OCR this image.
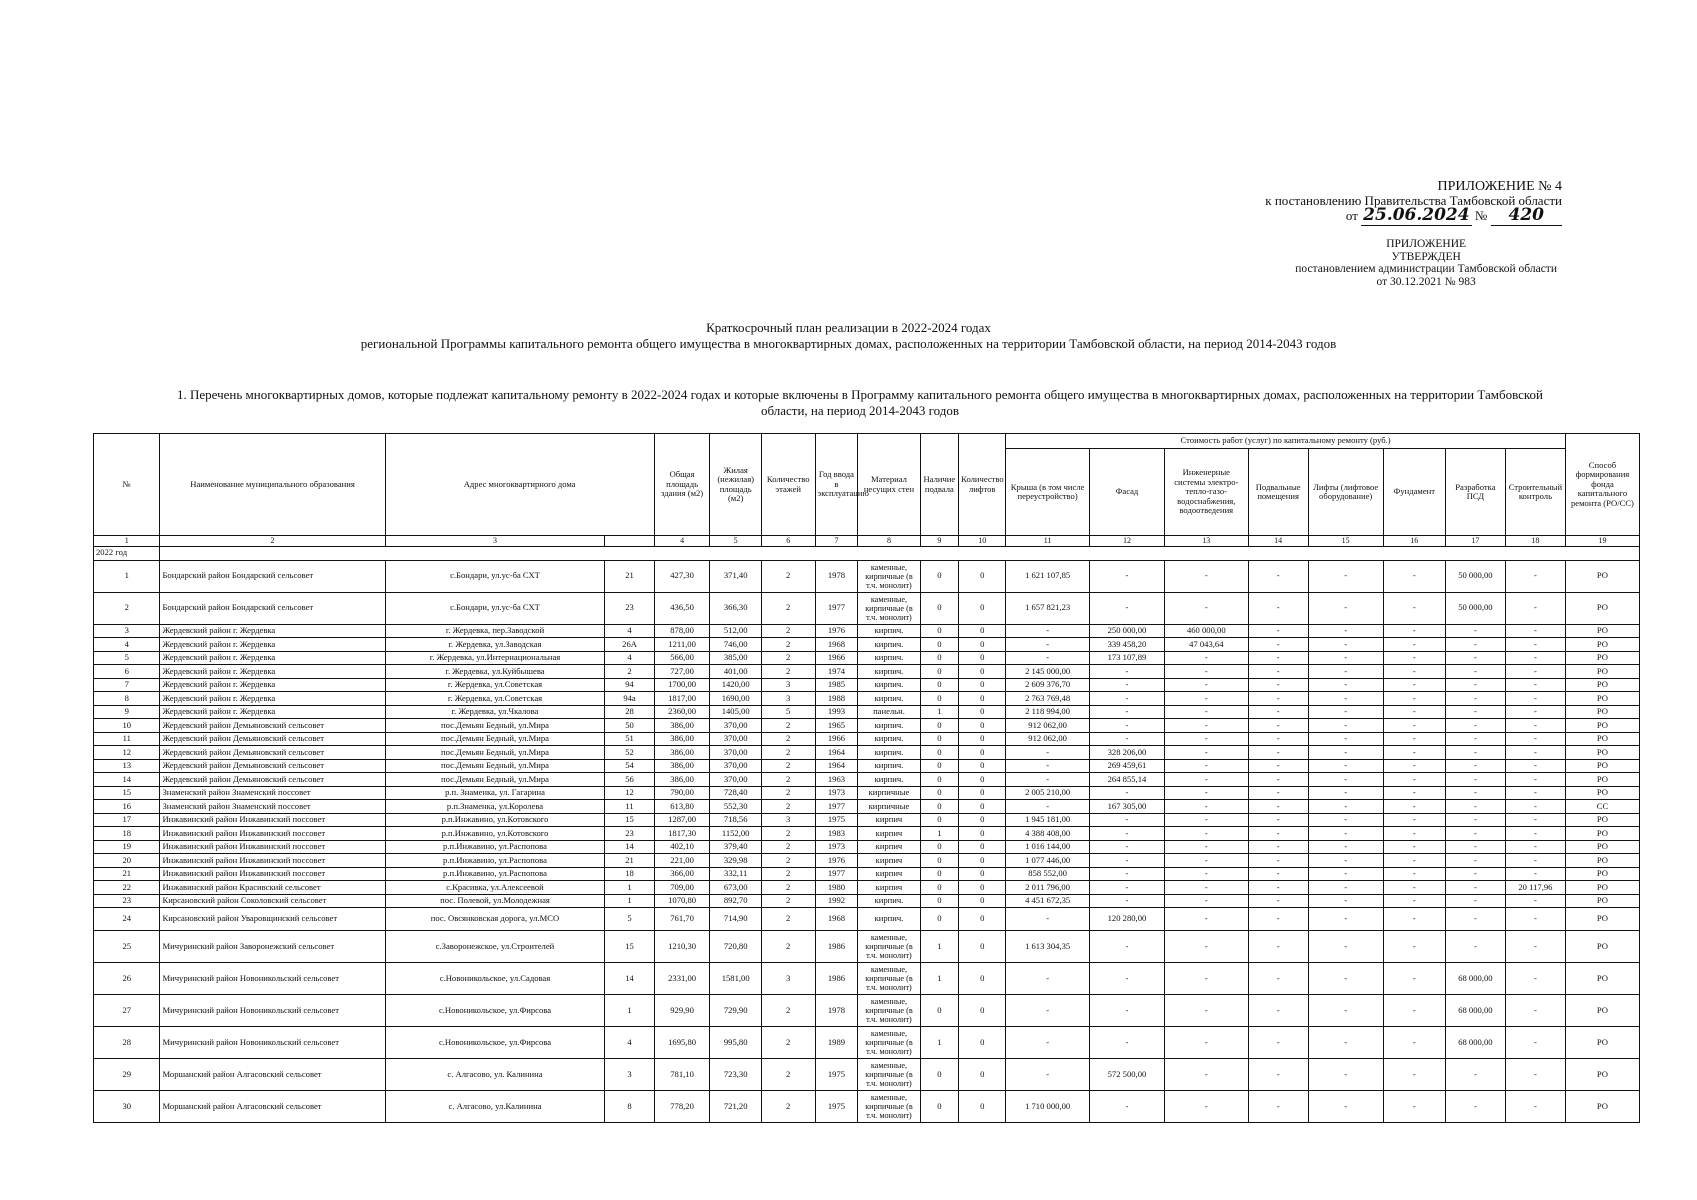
ПРИЛОЖЕНИЕ № 4
к постановлению Правительства Тамбовской области
от 25.06.2024 № 420
ПРИЛОЖЕНИЕ
УТВЕРЖДЕН
постановлением администрации Тамбовской области
от 30.12.2021 № 983
Краткосрочный план реализации в 2022-2024 годах
региональной Программы капитального ремонта общего имущества в многоквартирных домах, расположенных на территории Тамбовской области, на период 2014-2043 годов
1. Перечень многоквартирных домов, которые подлежат капитальному ремонту в 2022-2024 годах и которые включены в Программу капитального ремонта общего имущества в многоквартирных домах, расположенных на территории Тамбовской
области, на период 2014-2043 годов
№	Наименование муниципального образования	Адрес многоквартирного дома		Общая площадь здания (м2)	Жилая (нежилая) площадь (м2)	Количество этажей	Год ввода в эксплуатацию	Материал несущих стен	Наличие подвала	Количество лифтов	Стоимость работ (услуг) по капитальному ремонту (руб.)								Способ формирования фонда капитального ремонта (РО/СС)
											Крыша (в том числе переустройство)	Фасад	Инженерные системы электро-тепло-газо-водоснабжения, водоотведения	Подвальные помещения	Лифты (лифтовое оборудование)	Фундамент	Разработка ПСД	Строительный контроль	
1	2	3		4	5	6	7	8	9	10	11	12	13	14	15	16	17	18	19
2022 год																			
1	Бондарский район Бондарский сельсовет	с.Бондари, ул.ус-ба СХТ	21	427,30	371,40	2	1978	каменные, кирпичные (в т.ч. монолит)	0	0	1 621 107,85	-	-	-	-	-	50 000,00	-	РО
2	Бондарский район Бондарский сельсовет	с.Бондари, ул.ус-ба СХТ	23	436,50	366,30	2	1977	каменные, кирпичные (в т.ч. монолит)	0	0	1 657 821,23	-	-	-	-	-	50 000,00	-	РО
3	Жердевский район г. Жердевка	г. Жердевка, пер.Заводской	4	878,00	512,00	2	1976	кирпич.	0	0	-	250 000,00	460 000,00	-	-	-	-	-	РО
4	Жердевский район г. Жердевка	г. Жердевка, ул.Заводская	26А	1211,00	746,00	2	1968	кирпич.	0	0	-	339 458,20	47 043,64	-	-	-	-	-	РО
5	Жердевский район г. Жердевка	г. Жердевка, ул.Интернациональная	4	566,00	385,00	2	1966	кирпич.	0	0	-	173 107,89	-	-	-	-	-	-	РО
6	Жердевский район г. Жердевка	г. Жердевка, ул.Куйбышева	2	727,00	401,00	2	1974	кирпич.	0	0	2 145 000,00	-	-	-	-	-	-	-	РО
7	Жердевский район г. Жердевка	г. Жердевка, ул.Советская	94	1700,00	1420,00	3	1985	кирпич.	0	0	2 609 376,70	-	-	-	-	-	-	-	РО
8	Жердевский район г. Жердевка	г. Жердевка, ул.Советская	94а	1817,00	1690,00	3	1988	кирпич.	0	0	2 763 769,48	-	-	-	-	-	-	-	РО
9	Жердевский район г. Жердевка	г. Жердевка, ул.Чкалова	28	2360,00	1405,00	5	1993	панельн.	1	0	2 118 994,00	-	-	-	-	-	-	-	РО
10	Жердевский район Демьяновский сельсовет	пос.Демьян Бедный, ул.Мира	50	386,00	370,00	2	1965	кирпич.	0	0	912 062,00	-	-	-	-	-	-	-	РО
11	Жердевский район Демьяновский сельсовет	пос.Демьян Бедный, ул.Мира	51	386,00	370,00	2	1966	кирпич.	0	0	912 062,00	-	-	-	-	-	-	-	РО
12	Жердевский район Демьяновский сельсовет	пос.Демьян Бедный, ул.Мира	52	386,00	370,00	2	1964	кирпич.	0	0	-	328 206,00	-	-	-	-	-	-	РО
13	Жердевский район Демьяновский сельсовет	пос.Демьян Бедный, ул.Мира	54	386,00	370,00	2	1964	кирпич.	0	0	-	269 459,61	-	-	-	-	-	-	РО
14	Жердевский район Демьяновский сельсовет	пос.Демьян Бедный, ул.Мира	56	386,00	370,00	2	1963	кирпич.	0	0	-	264 855,14	-	-	-	-	-	-	РО
15	Знаменский район Знаменский поссовет	р.п. Знаменка, ул. Гагарина	12	790,00	728,40	2	1973	кирпичные	0	0	2 005 210,00	-	-	-	-	-	-	-	РО
16	Знаменский район Знаменский поссовет	р.п.Знаменка, ул.Королева	11	613,80	552,30	2	1977	кирпичные	0	0	-	167 305,00	-	-	-	-	-	-	СС
17	Инжавинский район Инжавинский поссовет	р.п.Инжавино, ул.Котовского	15	1287,00	718,56	3	1975	кирпич	0	0	1 945 181,00	-	-	-	-	-	-	-	РО
18	Инжавинский район Инжавинский поссовет	р.п.Инжавино, ул.Котовского	23	1817,30	1152,00	2	1983	кирпич	1	0	4 388 408,00	-	-	-	-	-	-	-	РО
19	Инжавинский район Инжавинский поссовет	р.п.Инжавино, ул.Распопова	14	402,10	379,40	2	1973	кирпич	0	0	1 016 144,00	-	-	-	-	-	-	-	РО
20	Инжавинский район Инжавинский поссовет	р.п.Инжавино, ул.Распопова	21	221,00	329,98	2	1976	кирпич	0	0	1 077 446,00	-	-	-	-	-	-	-	РО
21	Инжавинский район Инжавинский поссовет	р.п.Инжавино, ул.Распопова	18	366,00	332,11	2	1977	кирпич	0	0	858 552,00	-	-	-	-	-	-	-	РО
22	Инжавинский район Красивский сельсовет	с.Красивка, ул.Алексеевой	1	709,00	673,00	2	1980	кирпич	0	0	2 011 796,00	-	-	-	-	-	-	20 117,96	РО
23	Кирсановский район Соколовский сельсовет	пос. Полевой, ул.Молодежная	1	1070,80	892,70	2	1992	кирпич.	0	0	4 451 672,35	-	-	-	-	-	-	-	РО
24	Кирсановский район Уваровщинский сельсовет	пос. Овсянковская дорога, ул.МСО	5	761,70	714,90	2	1968	кирпич.	0	0	-	120 280,00	-	-	-	-	-	-	РО
25	Мичуринский район Заворонежский сельсовет	с.Заворонежское, ул.Строителей	15	1210,30	720,80	2	1986	каменные, кирпичные (в т.ч. монолит)	1	0	1 613 304,35	-	-	-	-	-	-	-	РО
26	Мичуринский район Новоникольский сельсовет	с.Новоникольское, ул.Садовая	14	2331,00	1581,00	3	1986	каменные, кирпичные (в т.ч. монолит)	1	0	-	-	-	-	-	-	68 000,00	-	РО
27	Мичуринский район Новоникольский сельсовет	с.Новоникольское, ул.Фирсова	1	929,90	729,90	2	1978	каменные, кирпичные (в т.ч. монолит)	0	0	-	-	-	-	-	-	68 000,00	-	РО
28	Мичуринский район Новоникольский сельсовет	с.Новоникольское, ул.Фирсова	4	1695,80	995,80	2	1989	каменные, кирпичные (в т.ч. монолит)	1	0	-	-	-	-	-	-	68 000,00	-	РО
29	Моршанский район Алгасовский сельсовет	с. Алгасово, ул. Калинина	3	781,10	723,30	2	1975	каменные, кирпичные (в т.ч. монолит)	0	0	-	572 500,00	-	-	-	-	-	-	РО
30	Моршанский район Алгасовский сельсовет	с. Алгасово, ул.Калинина	8	778,20	721,20	2	1975	каменные, кирпичные (в т.ч. монолит)	0	0	1 710 000,00	-	-	-	-	-	-	-	РО
